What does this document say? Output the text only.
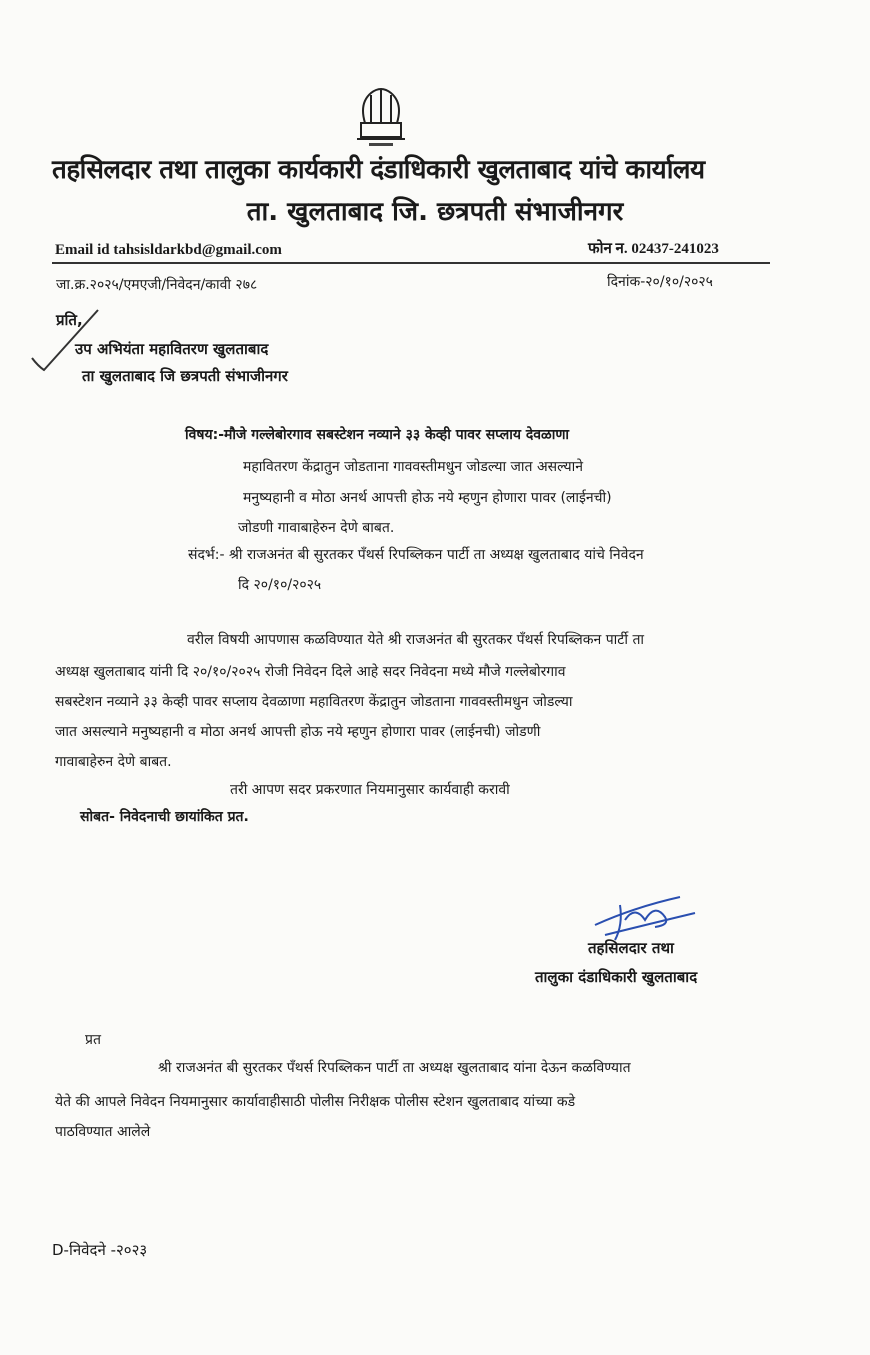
तहसिलदार तथा तालुका कार्यकारी दंडाधिकारी खुलताबाद यांचे कार्यालय
ता. खुलताबाद जि. छत्रपती संभाजीनगर
Email id tahsisldarkbd@gmail.com	फोन न. 02437-241023
जा.क्र.२०२५/एमएजी/निवेदन/कावी २७८	दिनांक-२०/१०/२०२५
प्रति,
उप अभियंता महावितरण खुलताबाद
ता खुलताबाद जि छत्रपती संभाजीनगर
विषय:-मौजे गल्लेबोरगाव सबस्टेशन नव्याने ३३ केव्ही पावर सप्लाय देवळाणा
महावितरण केंद्रातुन जोडताना गाववस्तीमधुन जोडल्या जात असल्याने
मनुष्यहानी व मोठा अनर्थ आपत्ती होऊ नये म्हणुन होणारा पावर (लाईनची)
जोडणी गावाबाहेरुन देणे बाबत.
संदर्भ:- श्री राजअनंत बी सुरतकर पॅंथर्स रिपब्लिकन पार्टी ता अध्यक्ष खुलताबाद यांचे निवेदन
दि २०/१०/२०२५
वरील विषयी आपणास कळविण्यात येते श्री राजअनंत बी सुरतकर पॅंथर्स रिपब्लिकन पार्टी ता
अध्यक्ष खुलताबाद यांनी दि २०/१०/२०२५ रोजी निवेदन दिले आहे सदर निवेदना मध्ये मौजे गल्लेबोरगाव
सबस्टेशन नव्याने ३३ केव्ही पावर सप्लाय देवळाणा महावितरण केंद्रातुन जोडताना गाववस्तीमधुन जोडल्या
जात असल्याने मनुष्यहानी व मोठा अनर्थ आपत्ती होऊ नये म्हणुन होणारा पावर (लाईनची) जोडणी
गावाबाहेरुन देणे बाबत.
तरी आपण सदर प्रकरणात नियमानुसार कार्यवाही करावी
सोबत- निवेदनाची छायांकित प्रत.
तहसिलदार तथा
तालुका दंडाधिकारी खुलताबाद
प्रत
श्री राजअनंत बी सुरतकर पॅंथर्स रिपब्लिकन पार्टी ता अध्यक्ष खुलताबाद यांना देऊन कळविण्यात
येते की आपले निवेदन नियमानुसार कार्यावाहीसाठी पोलीस निरीक्षक पोलीस स्टेशन खुलताबाद यांच्या कडे
पाठविण्यात आलेले
D-निवेदने -२०२३
